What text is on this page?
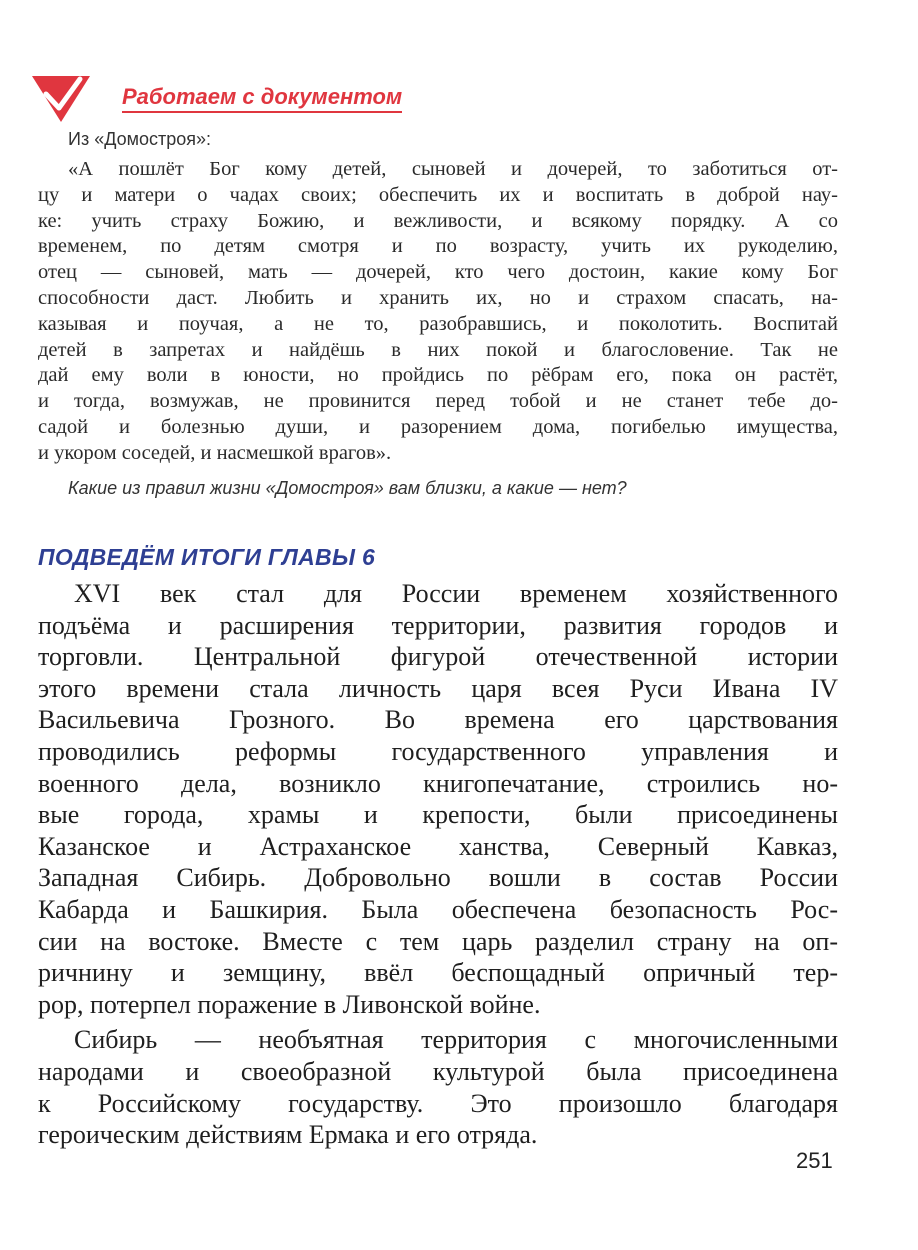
Работаем с документом
Из «Домостроя»:
«А пошлёт Бог кому детей, сыновей и дочерей, то заботиться от-
цу и матери о чадах своих; обеспечить их и воспитать в доброй нау-
ке: учить страху Божию, и вежливости, и всякому порядку. А со
временем, по детям смотря и по возрасту, учить их рукоделию,
отец — сыновей, мать — дочерей, кто чего достоин, какие кому Бог
способности даст. Любить и хранить их, но и страхом спасать, на-
казывая и поучая, а не то, разобравшись, и поколотить. Воспитай
детей в запретах и найдёшь в них покой и благословение. Так не
дай ему воли в юности, но пройдись по рёбрам его, пока он растёт,
и тогда, возмужав, не провинится перед тобой и не станет тебе до-
садой и болезнью души, и разорением дома, погибелью имущества,
и укором соседей, и насмешкой врагов».
Какие из правил жизни «Домостроя» вам близки, а какие — нет?
ПОДВЕДЁМ ИТОГИ ГЛАВЫ 6
XVI век стал для России временем хозяйственного
подъёма и расширения территории, развития городов и
торговли. Центральной фигурой отечественной истории
этого времени стала личность царя всея Руси Ивана IV
Васильевича Грозного. Во времена его царствования
проводились реформы государственного управления и
военного дела, возникло книгопечатание, строились но-
вые города, храмы и крепости, были присоединены
Казанское и Астраханское ханства, Северный Кавказ,
Западная Сибирь. Добровольно вошли в состав России
Кабарда и Башкирия. Была обеспечена безопасность Рос-
сии на востоке. Вместе с тем царь разделил страну на оп-
ричнину и земщину, ввёл беспощадный опричный тер-
рор, потерпел поражение в Ливонской войне.
Сибирь — необъятная территория с многочисленными
народами и своеобразной культурой была присоединена
к Российскому государству. Это произошло благодаря
героическим действиям Ермака и его отряда.
251
